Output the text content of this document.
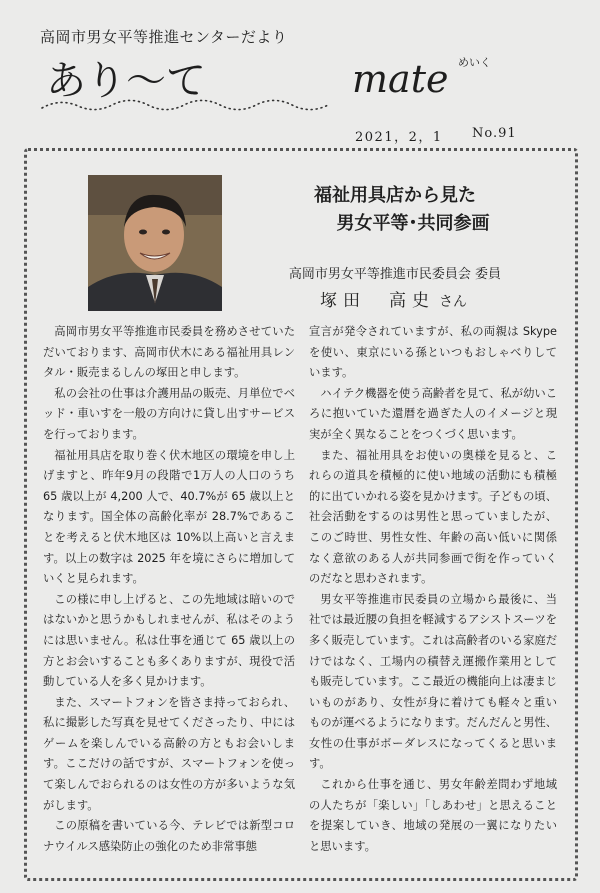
高岡市男女平等推進センターだより
あり〜て	mate めいく
2021，2，1 No.91
福祉用具店から見た
男女平等･共同参画
高岡市男女平等推進市民委員会 委員
塚田　高史 さん

高岡市男女平等推進市民委員を務めさせていただいております、高岡市伏木にある福祉用具レンタル・販売まるしんの塚田と申します。

私の会社の仕事は介護用品の販売、月単位でベッド・車いすを一般の方向けに貸し出すサービスを行っております。

福祉用具店を取り巻く伏木地区の環境を申し上げますと、昨年9月の段階で1万人の人口のうち 65 歳以上が 4,200 人で、40.7%が 65 歳以上となります。国全体の高齢化率が 28.7%であることを考えると伏木地区は 10%以上高いと言えます。以上の数字は 2025 年を境にさらに増加していくと見られます。

この様に申し上げると、この先地域は暗いのではないかと思うかもしれませんが、私はそのようには思いません。私は仕事を通じて 65 歳以上の方とお会いすることも多くありますが、現役で活動している人を多く見かけます。

また、スマートフォンを皆さま持っておられ、私に撮影した写真を見せてくださったり、中にはゲームを楽しんでいる高齢の方ともお会いします。ここだけの話ですが、スマートフォンを使って楽しんでおられるのは女性の方が多いような気がします。

この原稿を書いている今、テレビでは新型コロナウイルス感染防止の強化のため非常事態

宣言が発令されていますが、私の両親は Skype を使い、東京にいる孫といつもおしゃべりしています。

ハイテク機器を使う高齢者を見て、私が幼いころに抱いていた還暦を過ぎた人のイメージと現実が全く異なることをつくづく思います。

また、福祉用具をお使いの奥様を見ると、これらの道具を積極的に使い地域の活動にも積極的に出ていかれる姿を見かけます。子どもの頃、社会活動をするのは男性と思っていましたが、このご時世、男性女性、年齢の高い低いに関係なく意欲のある人が共同参画で街を作っていくのだなと思わされます。

男女平等推進市民委員の立場から最後に、当社では最近腰の負担を軽減するアシストスーツを多く販売しています。これは高齢者のいる家庭だけではなく、工場内の積替え運搬作業用としても販売しています。ここ最近の機能向上は凄まじいものがあり、女性が身に着けても軽々と重いものが運べるようになります。だんだんと男性、女性の仕事がボーダレスになってくると思います。

これから仕事を通じ、男女年齢差問わず地域の人たちが「楽しい」「しあわせ」と思えることを提案していき、地域の発展の一翼になりたいと思います。
